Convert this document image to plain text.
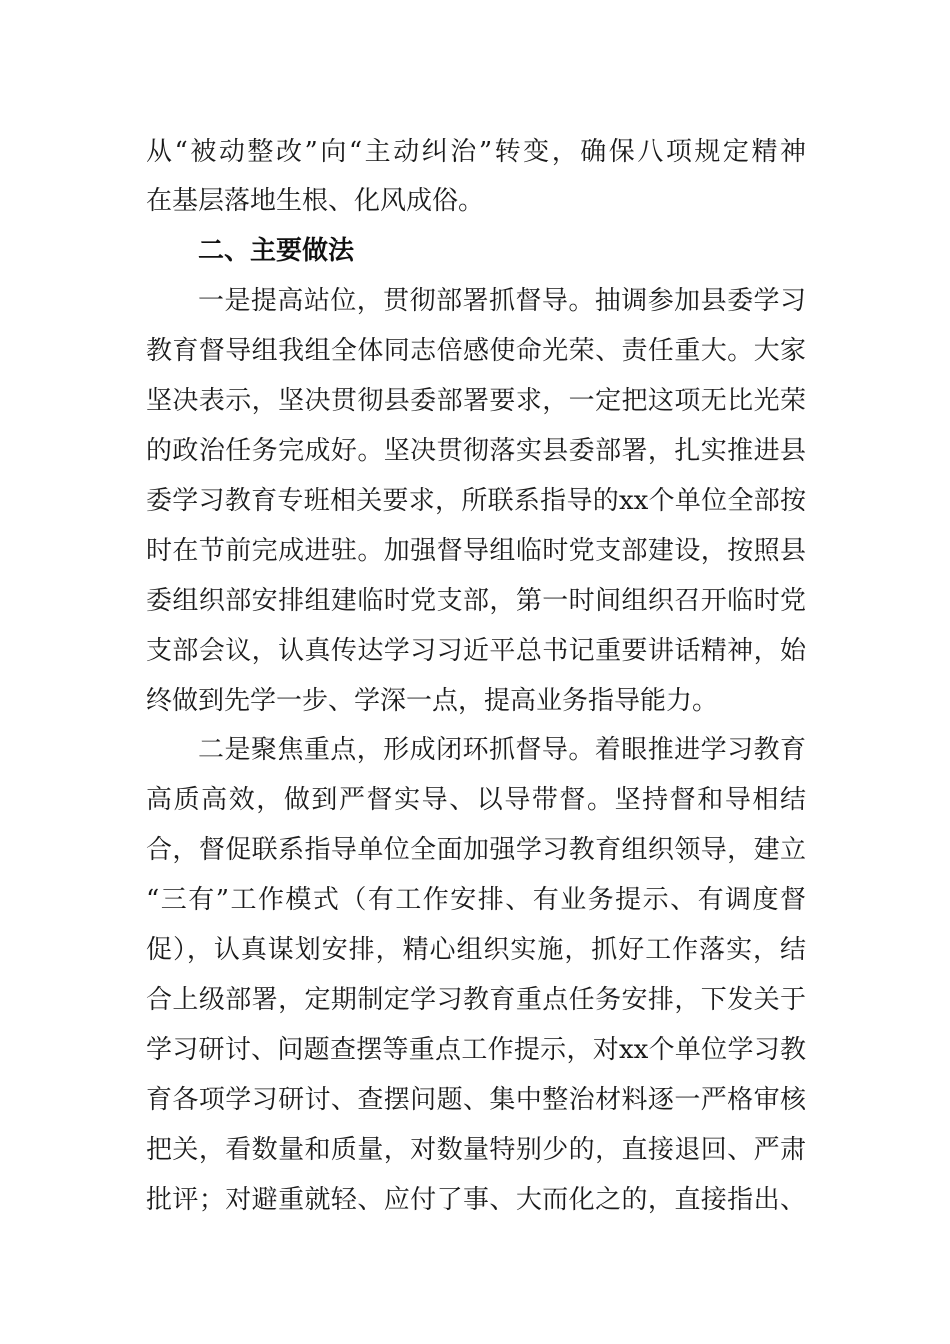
从“被动整改”向“主动纠治”转变，确保八项规定精神
在基层落地生根、化风成俗。
二、主要做法
一是提高站位，贯彻部署抓督导。抽调参加县委学习
教育督导组我组全体同志倍感使命光荣、责任重大。大家
坚决表示，坚决贯彻县委部署要求，一定把这项无比光荣
的政治任务完成好。坚决贯彻落实县委部署，扎实推进县
委学习教育专班相关要求，所联系指导的xx个单位全部按
时在节前完成进驻。加强督导组临时党支部建设，按照县
委组织部安排组建临时党支部，第一时间组织召开临时党
支部会议，认真传达学习习近平总书记重要讲话精神，始
终做到先学一步、学深一点，提高业务指导能力。
二是聚焦重点，形成闭环抓督导。着眼推进学习教育
高质高效，做到严督实导、以导带督。坚持督和导相结
合，督促联系指导单位全面加强学习教育组织领导，建立
“三有”工作模式（有工作安排、有业务提示、有调度督
促），认真谋划安排，精心组织实施，抓好工作落实，结
合上级部署，定期制定学习教育重点任务安排，下发关于
学习研讨、问题查摆等重点工作提示，对xx个单位学习教
育各项学习研讨、查摆问题、集中整治材料逐一严格审核
把关，看数量和质量，对数量特别少的，直接退回、严肃
批评；对避重就轻、应付了事、大而化之的，直接指出、
